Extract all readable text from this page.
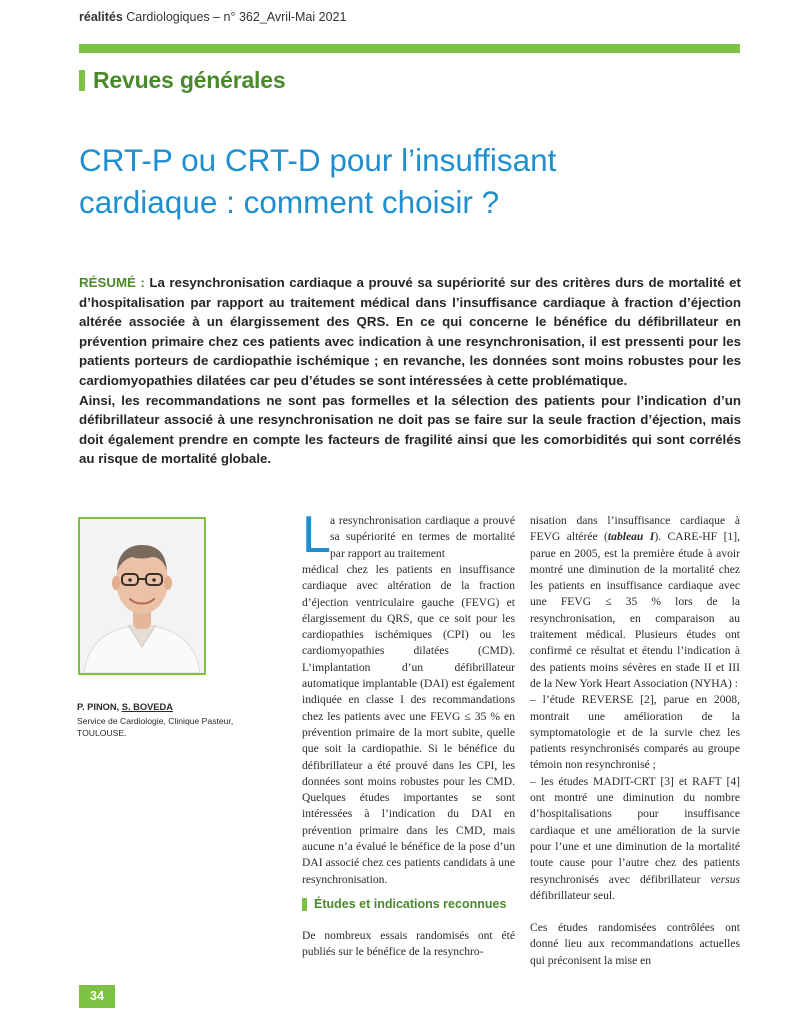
réalités Cardiologiques – n° 362_Avril-Mai 2021
Revues générales
CRT-P ou CRT-D pour l’insuffisant
cardiaque : comment choisir ?

RÉSUMÉ : La resynchronisation cardiaque a prouvé sa supériorité sur des critères durs de mortalité et d’hospitalisation par rapport au traitement médical dans l’insuffisance cardiaque à fraction d’éjection altérée associée à un élargissement des QRS. En ce qui concerne le bénéfice du défibrillateur en prévention primaire chez ces patients avec indication à une resynchronisation, il est pressenti pour les patients porteurs de cardiopathie ischémique ; en revanche, les données sont moins robustes pour les cardiomyopathies dilatées car peu d’études se sont intéressées à cette problématique.

Ainsi, les recommandations ne sont pas formelles et la sélection des patients pour l’indication d’un défibrillateur associé à une resynchronisation ne doit pas se faire sur la seule fraction d’éjection, mais doit également prendre en compte les facteurs de fragilité ainsi que les comorbidités qui sont corrélés au risque de mortalité globale.

P. PINON, S. BOVEDA
Service de Cardiologie, Clinique Pasteur,
TOULOUSE.
L a resynchronisation cardiaque a prouvé sa supériorité en termes de mortalité par rapport au traitement

médical chez les patients en insuffisance cardiaque avec altération de la fraction d’éjection ventriculaire gauche (FEVG) et élargissement du QRS, que ce soit pour les cardiopathies ischémiques (CPI) ou les cardiomyopathies dilatées (CMD). L’implantation d’un défibrillateur automatique implantable (DAI) est également indiquée en classe I des recommandations chez les patients avec une FEVG ≤ 35 % en prévention primaire de la mort subite, quelle que soit la cardiopathie. Si le bénéfice du défibrillateur a été prouvé dans les CPI, les données sont moins robustes pour les CMD. Quelques études importantes se sont intéressées à l’indication du DAI en prévention primaire dans les CMD, mais aucune n’a évalué le bénéfice de la pose d’un DAI associé chez ces patients candidats à une resynchronisation.

Études et indications reconnues

De nombreux essais randomisés ont été publiés sur le bénéfice de la resynchro-

nisation dans l’insuffisance cardiaque à FEVG altérée (tableau I). CARE-HF [1], parue en 2005, est la première étude à avoir montré une diminution de la mortalité chez les patients en insuffisance cardiaque avec une FEVG ≤ 35 % lors de la resynchronisation, en comparaison au traitement médical. Plusieurs études ont confirmé ce résultat et étendu l’indication à des patients moins sévères en stade II et III de la New York Heart Association (NYHA) :

– l’étude REVERSE [2], parue en 2008, montrait une amélioration de la symptomatologie et de la survie chez les patients resynchronisés comparés au groupe témoin non resynchronisé ;

– les études MADIT-CRT [3] et RAFT [4] ont montré une diminution du nombre d’hospitalisations pour insuffisance cardiaque et une amélioration de la survie pour l’une et une diminution de la mortalité toute cause pour l’autre chez des patients resynchronisés avec défibrillateur versus défibrillateur seul.

Ces études randomisées contrôlées ont donné lieu aux recommandations actuelles qui préconisent la mise en

34
